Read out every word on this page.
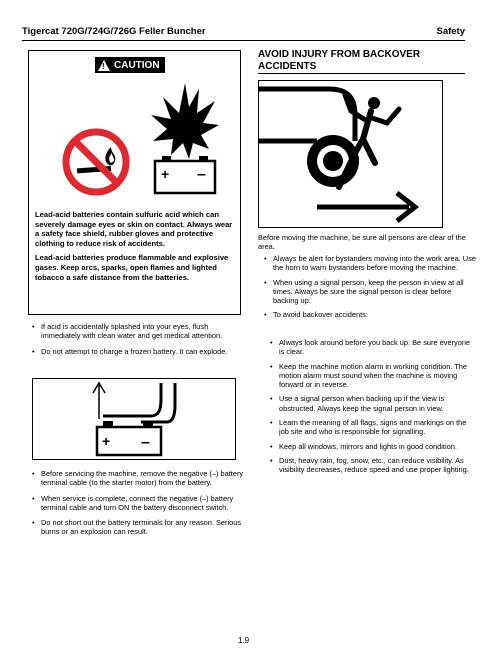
Tigercat 720G/724G/726G Feller Buncher	Safety
! CAUTION
+ –

Lead-acid batteries contain sulfuric acid which can severely damage eyes or skin on contact. Always wear a safety face shield, rubber gloves and protective clothing to reduce risk of accidents.

Lead-acid batteries produce flammable and explosive gases. Keep arcs, sparks, open flames and lighted tobacco a safe distance from the batteries.

• If acid is accidentally splashed into your eyes, flush immediately with clean water and get medical attention.
• Do not attempt to charge a frozen battery. It can explode.
+ –
• Before servicing the machine, remove the negative (–) battery terminal cable (to the starter motor) from the battery.
• When service is complete, connect the negative (–) battery terminal cable and turn ON the battery disconnect switch.
• Do not short out the battery terminals for any reason. Serious burns or an explosion can result.
AVOID INJURY FROM BACKOVER ACCIDENTS

Before moving the machine, be sure all persons are clear of the area.

• Always be alert for bystanders moving into the work area. Use the horn to warn bystanders before moving the machine.
• When using a signal person, keep the person in view at all times. Always be sure the signal person is clear before backing up.
• To avoid backover accidents:
• Always look around before you back up. Be sure everyone is clear.
• Keep the machine motion alarm in working condition. The motion alarm must sound when the machine is moving forward or in reverse.
• Use a signal person when backing up if the view is obstructed. Always keep the signal person in view.
• Learn the meaning of all flags, signs and markings on the job site and who is responsible for signalling.
• Keep all windows, mirrors and lights in good condition.
• Dust, heavy rain, fog, snow, etc., can reduce visibility. As visibility decreases, reduce speed and use proper lighting.
1.9
